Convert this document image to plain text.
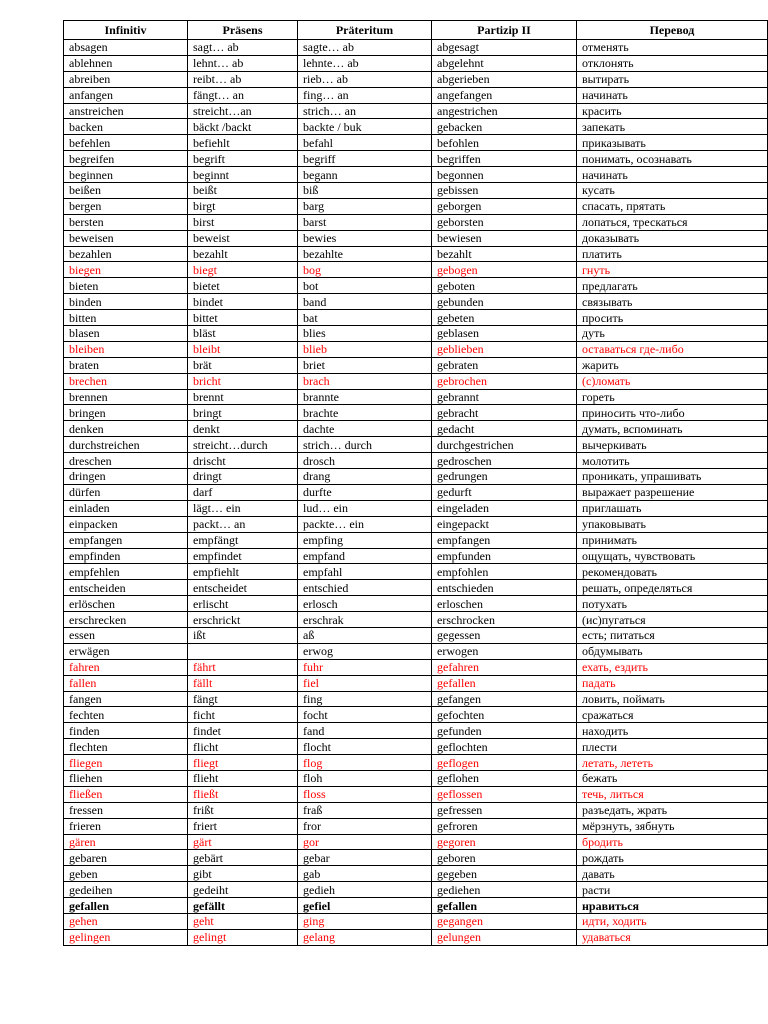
Infinitiv	Präsens	Präteritum	Partizip II	Перевод
absagen	sagt… ab	sagte… ab	abgesagt	отменять
ablehnen	lehnt… ab	lehnte… ab	abgelehnt	отклонять
abreiben	reibt… ab	rieb… ab	abgerieben	вытирать
anfangen	fängt… an	fing… an	angefangen	начинать
anstreichen	streicht…an	strich… an	angestrichen	красить
backen	bäckt /backt	backte / buk	gebacken	запекать
befehlen	befiehlt	befahl	befohlen	приказывать
begreifen	begrift	begriff	begriffen	понимать, осознавать
beginnen	beginnt	begann	begonnen	начинать
beißen	beißt	biß	gebissen	кусать
bergen	birgt	barg	geborgen	спасать, прятать
bersten	birst	barst	geborsten	лопаться, трескаться
beweisen	beweist	bewies	bewiesen	доказывать
bezahlen	bezahlt	bezahlte	bezahlt	платить
biegen	biegt	bog	gebogen	гнуть
bieten	bietet	bot	geboten	предлагать
binden	bindet	band	gebunden	связывать
bitten	bittet	bat	gebeten	просить
blasen	bläst	blies	geblasen	дуть
bleiben	bleibt	blieb	geblieben	оставаться где-либо
braten	brät	briet	gebraten	жарить
brechen	bricht	brach	gebrochen	(с)ломать
brennen	brennt	brannte	gebrannt	гореть
bringen	bringt	brachte	gebracht	приносить что-либо
denken	denkt	dachte	gedacht	думать, вспоминать
durchstreichen	streicht…durch	strich… durch	durchgestrichen	вычеркивать
dreschen	drischt	drosch	gedroschen	молотить
dringen	dringt	drang	gedrungen	проникать, упрашивать
dürfen	darf	durfte	gedurft	выражает разрешение
einladen	lägt… ein	lud… ein	eingeladen	приглашать
einpacken	packt… an	packte… ein	eingepackt	упаковывать
empfangen	empfängt	empfing	empfangen	принимать
empfinden	empfindet	empfand	empfunden	ощущать, чувствовать
empfehlen	empfiehlt	empfahl	empfohlen	рекомендовать
entscheiden	entscheidet	entschied	entschieden	решать, определяться
erlöschen	erlischt	erlosch	erloschen	потухать
erschrecken	erschrickt	erschrak	erschrocken	(ис)пугаться
essen	ißt	aß	gegessen	есть; питаться
erwägen		erwog	erwogen	обдумывать
fahren	fährt	fuhr	gefahren	ехать, ездить
fallen	fällt	fiel	gefallen	падать
fangen	fängt	fing	gefangen	ловить, поймать
fechten	ficht	focht	gefochten	сражаться
finden	findet	fand	gefunden	находить
flechten	flicht	flocht	geflochten	плести
fliegen	fliegt	flog	geflogen	летать, лететь
fliehen	flieht	floh	geflohen	бежать
fließen	fließt	floss	geflossen	течь, литься
fressen	frißt	fraß	gefressen	разъедать, жрать
frieren	friert	fror	gefroren	мёрзнуть, зябнуть
gären	gärt	gor	gegoren	бродить
gebaren	gebärt	gebar	geboren	рождать
geben	gibt	gab	gegeben	давать
gedeihen	gedeiht	gedieh	gediehen	расти
gefallen	gefällt	gefiel	gefallen	нравиться
gehen	geht	ging	gegangen	идти, ходить
gelingen	gelingt	gelang	gelungen	удаваться
